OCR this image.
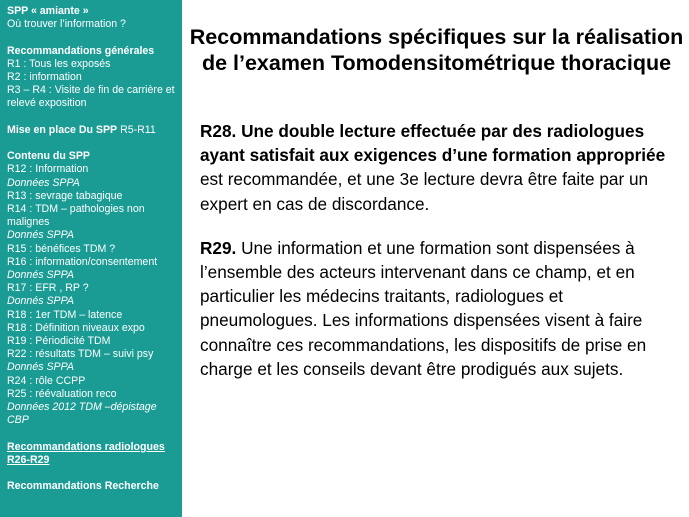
SPP « amiante »
Où trouver l’information ?
Recommandations générales
R1 : Tous les exposés
R2 : information
R3 – R4 : Visite de fin de carrière et relevé exposition
Mise en place Du SPP R5-R11
Contenu du SPP
R12 : Information
Données SPPA
R13 : sevrage tabagique
R14 : TDM – pathologies non malignes
Donnés SPPA
R15 : bénéfices TDM ?
R16 : information/consentement
Donnés SPPA
R17 : EFR , RP ?
Donnés SPPA
R18 : 1er TDM – latence
R18 : Définition niveaux expo
R19 : Périodicité TDM
R22 : résultats TDM – suivi psy
Donnés SPPA
R24 : rôle CCPP
R25 : réévaluation reco
Données 2012 TDM –dépistage CBP
Recommandations radiologues R26-R29
Recommandations Recherche
Recommandations spécifiques sur la réalisation de l’examen Tomodensitométrique thoracique

R28. Une double lecture effectuée par des radiologues ayant satisfait aux exigences d’une formation appropriée est recommandée, et une 3e lecture devra être faite par un expert en cas de discordance.

R29. Une information et une formation sont dispensées à l’ensemble des acteurs intervenant dans ce champ, et en particulier les médecins traitants, radiologues et pneumologues. Les informations dispensées visent à faire connaître ces recommandations, les dispositifs de prise en charge et les conseils devant être prodigués aux sujets.
